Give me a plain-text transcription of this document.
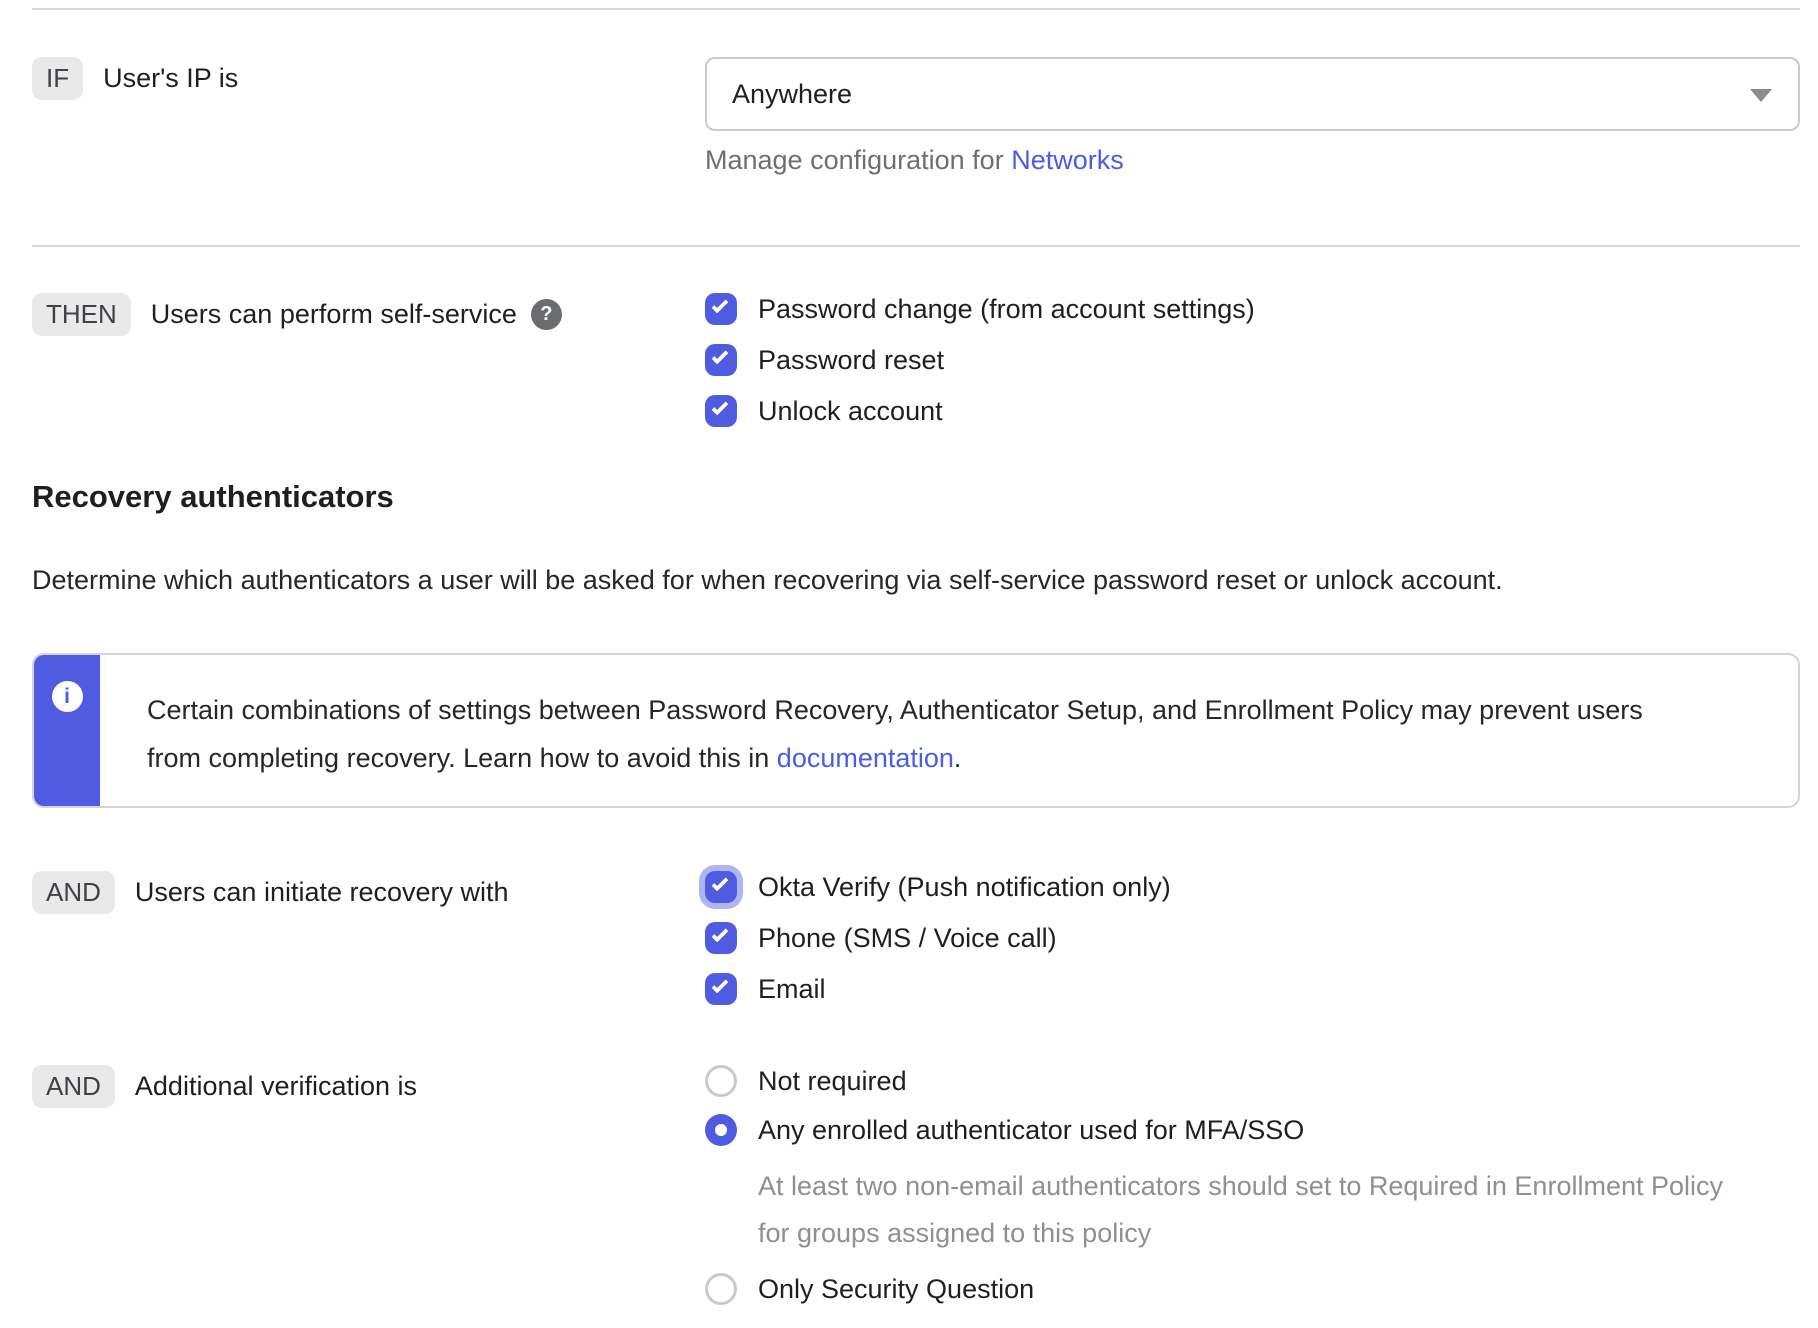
IF	User's IP is
Anywhere
Manage configuration for Networks
THEN	Users can perform self-service	?	Password change (from account settings)
Password reset
Unlock account
Recovery authenticators
Determine which authenticators a user will be asked for when recovering via self-service password reset or unlock account.
i	Certain combinations of settings between Password Recovery, Authenticator Setup, and Enrollment Policy may prevent users from completing recovery. Learn how to avoid this in documentation.
AND	Users can initiate recovery with	Okta Verify (Push notification only)
Phone (SMS / Voice call)
Email
AND	Additional verification is	Not required
Any enrolled authenticator used for MFA/SSO
At least two non-email authenticators should set to Required in Enrollment Policy for groups assigned to this policy
Only Security Question
